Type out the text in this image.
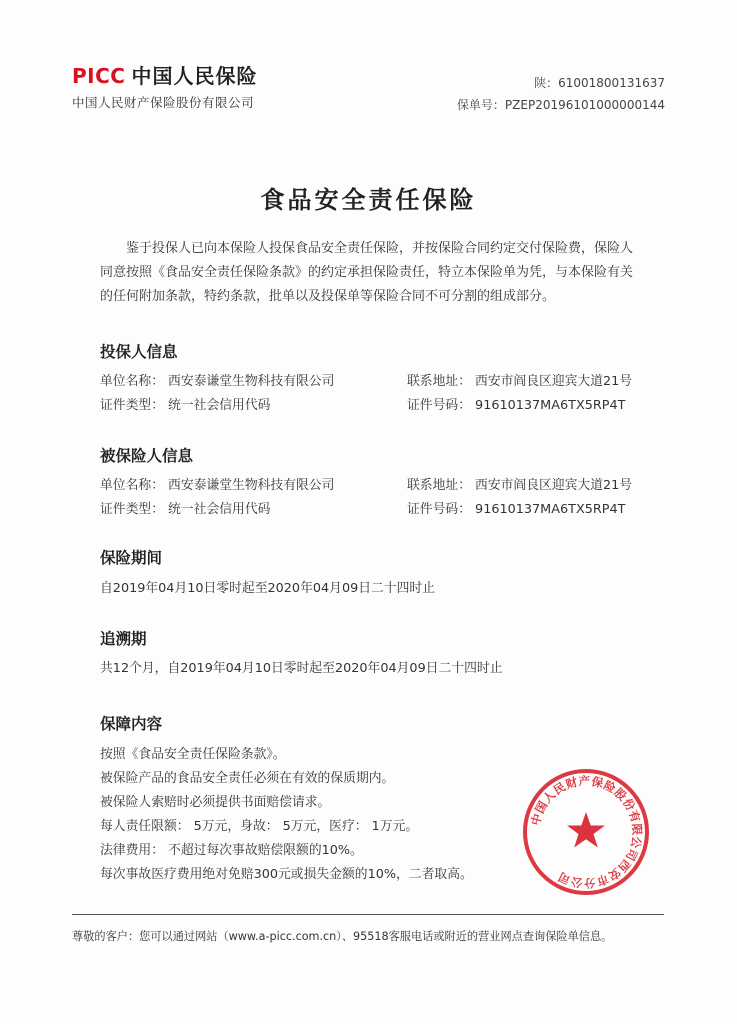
PICC 中国人民保险
中国人民财产保险股份有限公司
陕：61001800131637
保单号：PZEP20196101000000144
食品安全责任保险
鉴于投保人已向本保险人投保食品安全责任保险，并按保险合同约定交付保险费，保险人同意按照《食品安全责任保险条款》的约定承担保险责任，特立本保险单为凭，与本保险有关的任何附加条款，特约条款，批单以及投保单等保险合同不可分割的组成部分。
投保人信息
单位名称： 西安泰谦堂生物科技有限公司	联系地址： 西安市阎良区迎宾大道21号
证件类型： 统一社会信用代码	证件号码： 91610137MA6TX5RP4T
被保险人信息
单位名称： 西安泰谦堂生物科技有限公司	联系地址： 西安市阎良区迎宾大道21号
证件类型： 统一社会信用代码	证件号码： 91610137MA6TX5RP4T
保险期间
自2019年04月10日零时起至2020年04月09日二十四时止
追溯期
共12个月，自2019年04月10日零时起至2020年04月09日二十四时止
保障内容
按照《食品安全责任保险条款》。
被保险产品的食品安全责任必须在有效的保质期内。
被保险人索赔时必须提供书面赔偿请求。
每人责任限额： 5万元，身故： 5万元，医疗： 1万元。
法律费用： 不超过每次事故赔偿限额的10%。
每次事故医疗费用绝对免赔300元或损失金额的10%，二者取高。
中国人民财产保险股份有限公司西安市分公司
尊敬的客户：您可以通过网站（www.a-picc.com.cn）、95518客服电话或附近的营业网点查询保险单信息。
